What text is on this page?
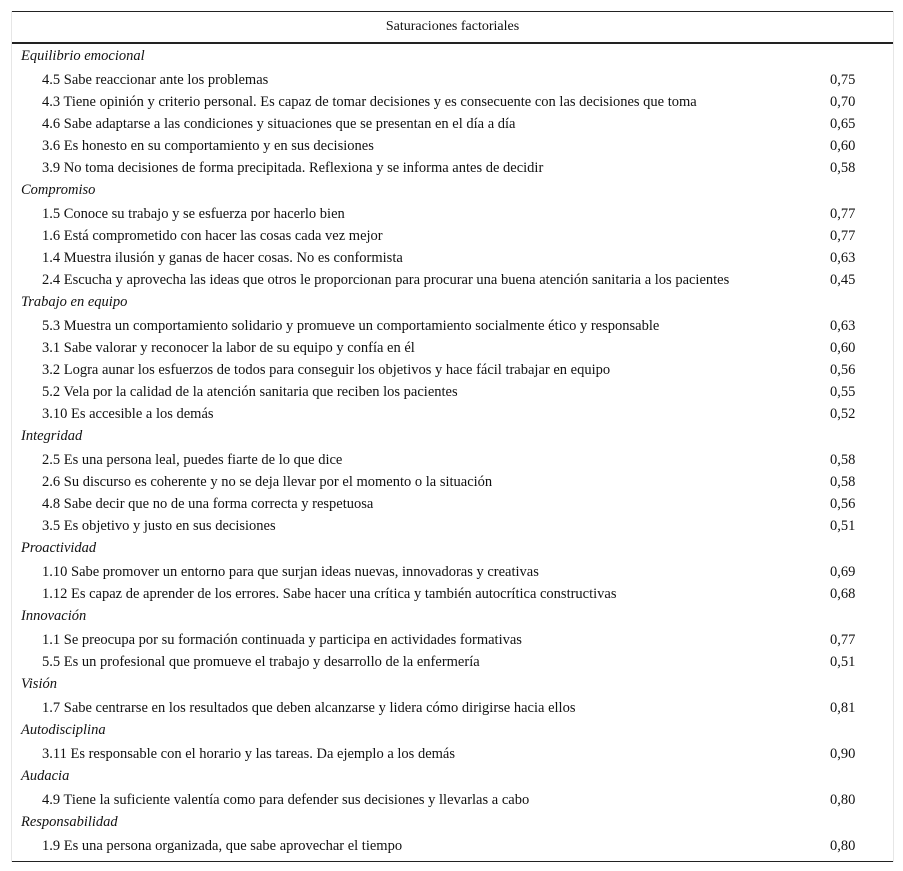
Saturaciones factoriales
Equilibrio emocional
4.5 Sabe reaccionar ante los problemas	0,75
4.3 Tiene opinión y criterio personal. Es capaz de tomar decisiones y es consecuente con las decisiones que toma	0,70
4.6 Sabe adaptarse a las condiciones y situaciones que se presentan en el día a día	0,65
3.6 Es honesto en su comportamiento y en sus decisiones	0,60
3.9 No toma decisiones de forma precipitada. Reflexiona y se informa antes de decidir	0,58
Compromiso
1.5 Conoce su trabajo y se esfuerza por hacerlo bien	0,77
1.6 Está comprometido con hacer las cosas cada vez mejor	0,77
1.4 Muestra ilusión y ganas de hacer cosas. No es conformista	0,63
2.4 Escucha y aprovecha las ideas que otros le proporcionan para procurar una buena atención sanitaria a los pacientes	0,45
Trabajo en equipo
5.3 Muestra un comportamiento solidario y promueve un comportamiento socialmente ético y responsable	0,63
3.1 Sabe valorar y reconocer la labor de su equipo y confía en él	0,60
3.2 Logra aunar los esfuerzos de todos para conseguir los objetivos y hace fácil trabajar en equipo	0,56
5.2 Vela por la calidad de la atención sanitaria que reciben los pacientes	0,55
3.10 Es accesible a los demás	0,52
Integridad
2.5 Es una persona leal, puedes fiarte de lo que dice	0,58
2.6 Su discurso es coherente y no se deja llevar por el momento o la situación	0,58
4.8 Sabe decir que no de una forma correcta y respetuosa	0,56
3.5 Es objetivo y justo en sus decisiones	0,51
Proactividad
1.10 Sabe promover un entorno para que surjan ideas nuevas, innovadoras y creativas	0,69
1.12 Es capaz de aprender de los errores. Sabe hacer una crítica y también autocrítica constructivas	0,68
Innovación
1.1 Se preocupa por su formación continuada y participa en actividades formativas	0,77
5.5 Es un profesional que promueve el trabajo y desarrollo de la enfermería	0,51
Visión
1.7 Sabe centrarse en los resultados que deben alcanzarse y lidera cómo dirigirse hacia ellos	0,81
Autodisciplina
3.11 Es responsable con el horario y las tareas. Da ejemplo a los demás	0,90
Audacia
4.9 Tiene la suficiente valentía como para defender sus decisiones y llevarlas a cabo	0,80
Responsabilidad
1.9 Es una persona organizada, que sabe aprovechar el tiempo	0,80
